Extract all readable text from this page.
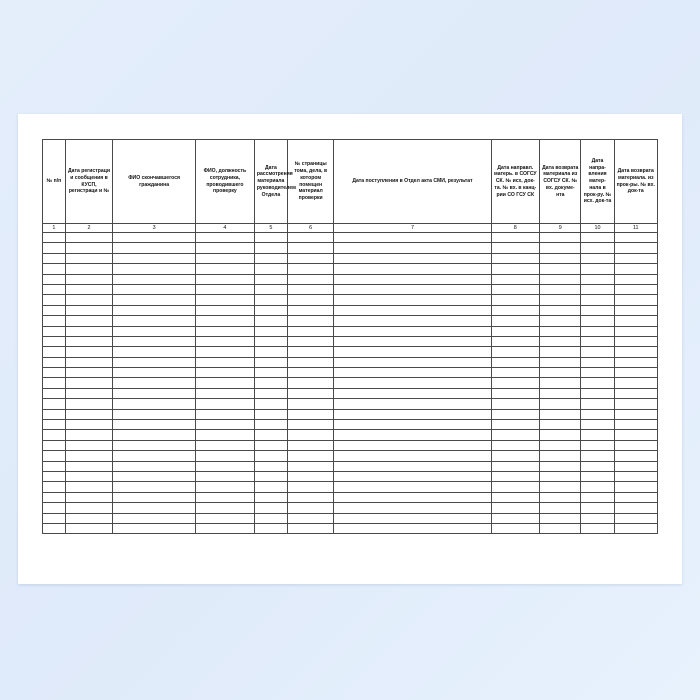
№ п/п	Дата регистраци и сообщения в КУСП, регистраци и №	ФИО скончавшегося гражданина	ФИО, должность сотрудника, проводившего проверку	Дата рассмотрения материала руководителем Отдела	№ страницы тома, дела, в котором помещен материал проверки	Дата поступления в Отдел акта СМИ, результат	Дата направл. матерь. в СОГСУ СК. № исх, док-та. № вх. в канц-рии СО ГСУ СК	Дата возврата материала из СОГСУ СК. № вх. докуме-нта	Дата напра-вления матер-нала в прок-ру. № исх. док-та	Дата возврата материала. из прок-ры. № вх. док-та

1	2	3	4	5	6	7	8	9	10	11
